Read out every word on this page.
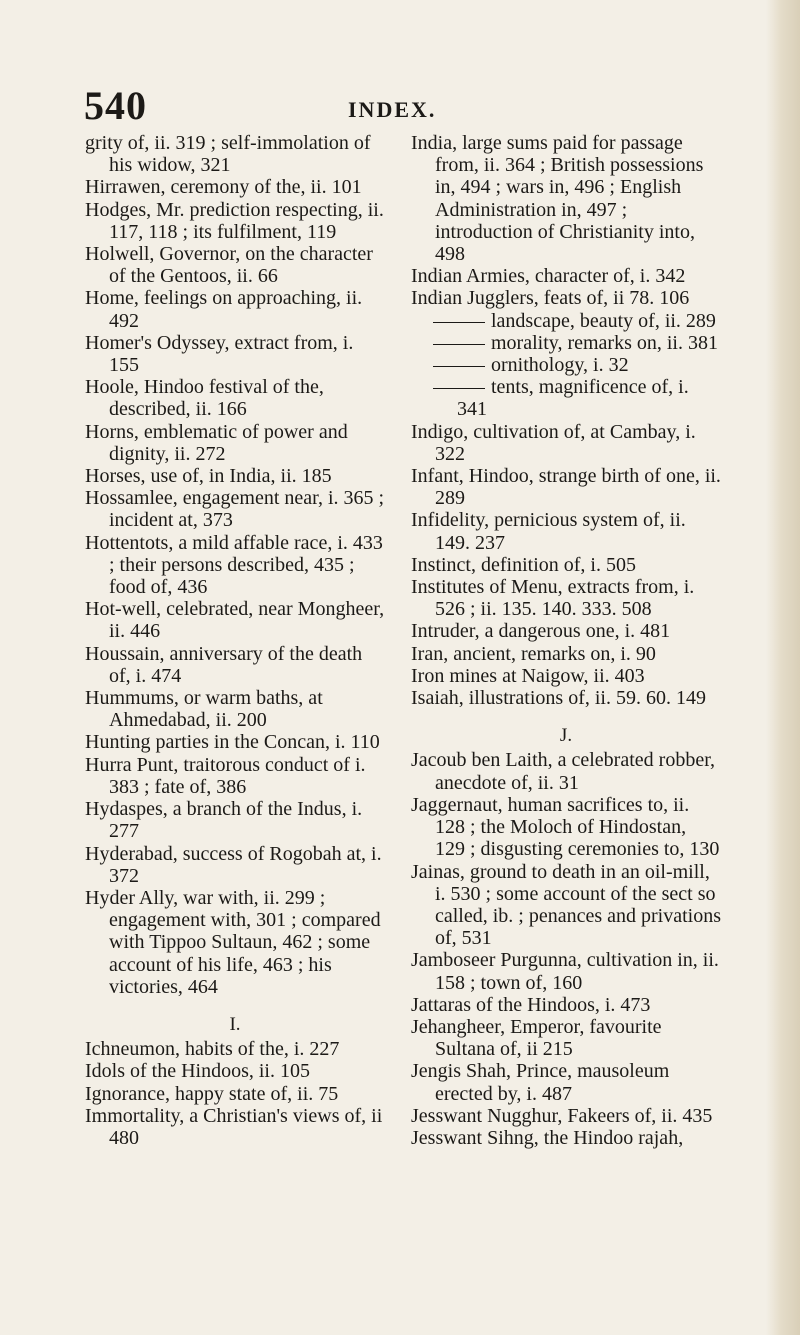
540	INDEX.
grity of, ii. 319 ; self-immolation of his widow, 321
Hirrawen, ceremony of the, ii. 101
Hodges, Mr. prediction respecting, ii. 117, 118 ; its fulfilment, 119
Holwell, Governor, on the character of the Gentoos, ii. 66
Home, feelings on approaching, ii. 492
Homer's Odyssey, extract from, i. 155
Hoole, Hindoo festival of the, described, ii. 166
Horns, emblematic of power and dignity, ii. 272
Horses, use of, in India, ii. 185
Hossamlee, engagement near, i. 365 ; incident at, 373
Hottentots, a mild affable race, i. 433 ; their persons described, 435 ; food of, 436
Hot-well, celebrated, near Mongheer, ii. 446
Houssain, anniversary of the death of, i. 474
Hummums, or warm baths, at Ahmedabad, ii. 200
Hunting parties in the Concan, i. 110
Hurra Punt, traitorous conduct of i. 383 ; fate of, 386
Hydaspes, a branch of the Indus, i. 277
Hyderabad, success of Rogobah at, i. 372
Hyder Ally, war with, ii. 299 ; engagement with, 301 ; compared with Tippoo Sultaun, 462 ; some account of his life, 463 ; his victories, 464
I.
Ichneumon, habits of the, i. 227
Idols of the Hindoos, ii. 105
Ignorance, happy state of, ii. 75
Immortality, a Christian's views of, ii 480
India, large sums paid for passage from, ii. 364 ; British possessions in, 494 ; wars in, 496 ; English Administration in, 497 ; introduction of Christianity into, 498
Indian Armies, character of, i. 342
Indian Jugglers, feats of, ii 78. 106
landscape, beauty of, ii. 289
morality, remarks on, ii. 381
ornithology, i. 32
tents, magnificence of, i. 341
Indigo, cultivation of, at Cambay, i. 322
Infant, Hindoo, strange birth of one, ii. 289
Infidelity, pernicious system of, ii. 149. 237
Instinct, definition of, i. 505
Institutes of Menu, extracts from, i. 526 ; ii. 135. 140. 333. 508
Intruder, a dangerous one, i. 481
Iran, ancient, remarks on, i. 90
Iron mines at Naigow, ii. 403
Isaiah, illustrations of, ii. 59. 60. 149
J.
Jacoub ben Laith, a celebrated robber, anecdote of, ii. 31
Jaggernaut, human sacrifices to, ii. 128 ; the Moloch of Hindostan, 129 ; disgusting ceremonies to, 130
Jainas, ground to death in an oil-mill, i. 530 ; some account of the sect so called, ib. ; penances and privations of, 531
Jamboseer Purgunna, cultivation in, ii. 158 ; town of, 160
Jattaras of the Hindoos, i. 473
Jehangheer, Emperor, favourite Sultana of, ii 215
Jengis Shah, Prince, mausoleum erected by, i. 487
Jesswant Nugghur, Fakeers of, ii. 435
Jesswant Sihng, the Hindoo rajah,
